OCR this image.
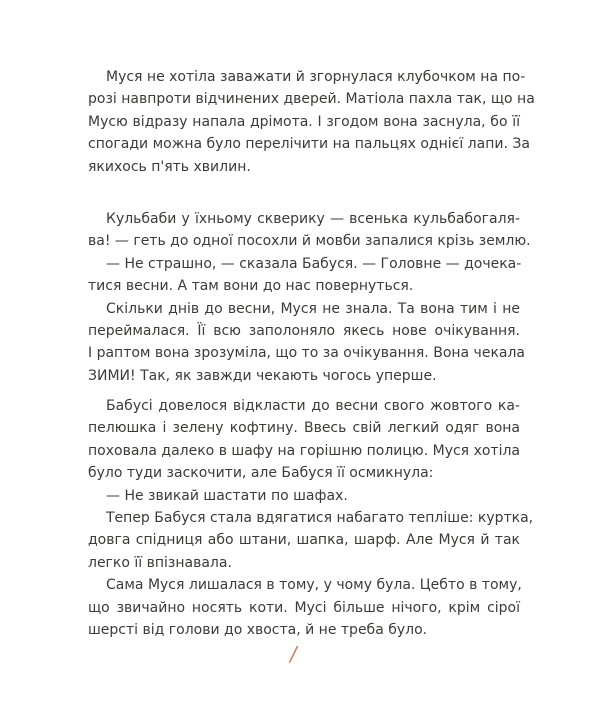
Муся не хотіла заважати й згорнулася клубочком на по-
розі навпроти відчинених дверей. Матіола пахла так, що на
Мусю відразу напала дрімота. І згодом вона заснула, бо її
спогади можна було перелічити на пальцях однієї лапи. За
якихось п'ять хвилин.
Кульбаби у їхньому скверику — всенька кульбабогаля-
ва! — геть до одної посохли й мовби запалися крізь землю.
— Не страшно, — сказала Бабуся. — Головне — дочека-
тися весни. А там вони до нас повернуться.
Скільки днів до весни, Муся не знала. Та вона тим і не
переймалася. Її всю заполоняло якесь нове очікування.
І раптом вона зрозуміла, що то за очікування. Вона чекала
ЗИМИ! Так, як завжди чекають чогось уперше.
Бабусі довелося відкласти до весни свого жовтого ка-
пелюшка і зелену кофтину. Ввесь свій легкий одяг вона
поховала далеко в шафу на горішню полицю. Муся хотіла
було туди заскочити, але Бабуся її осмикнула:
— Не звикай шастати по шафах.
Тепер Бабуся стала вдягатися набагато тепліше: куртка,
довга спідниця або штани, шапка, шарф. Але Муся й так
легко її впізнавала.
Сама Муся лишалася в тому, у чому була. Цебто в тому,
що звичайно носять коти. Мусі більше нічого, крім сірої
шерсті від голови до хвоста, й не треба було.
/
